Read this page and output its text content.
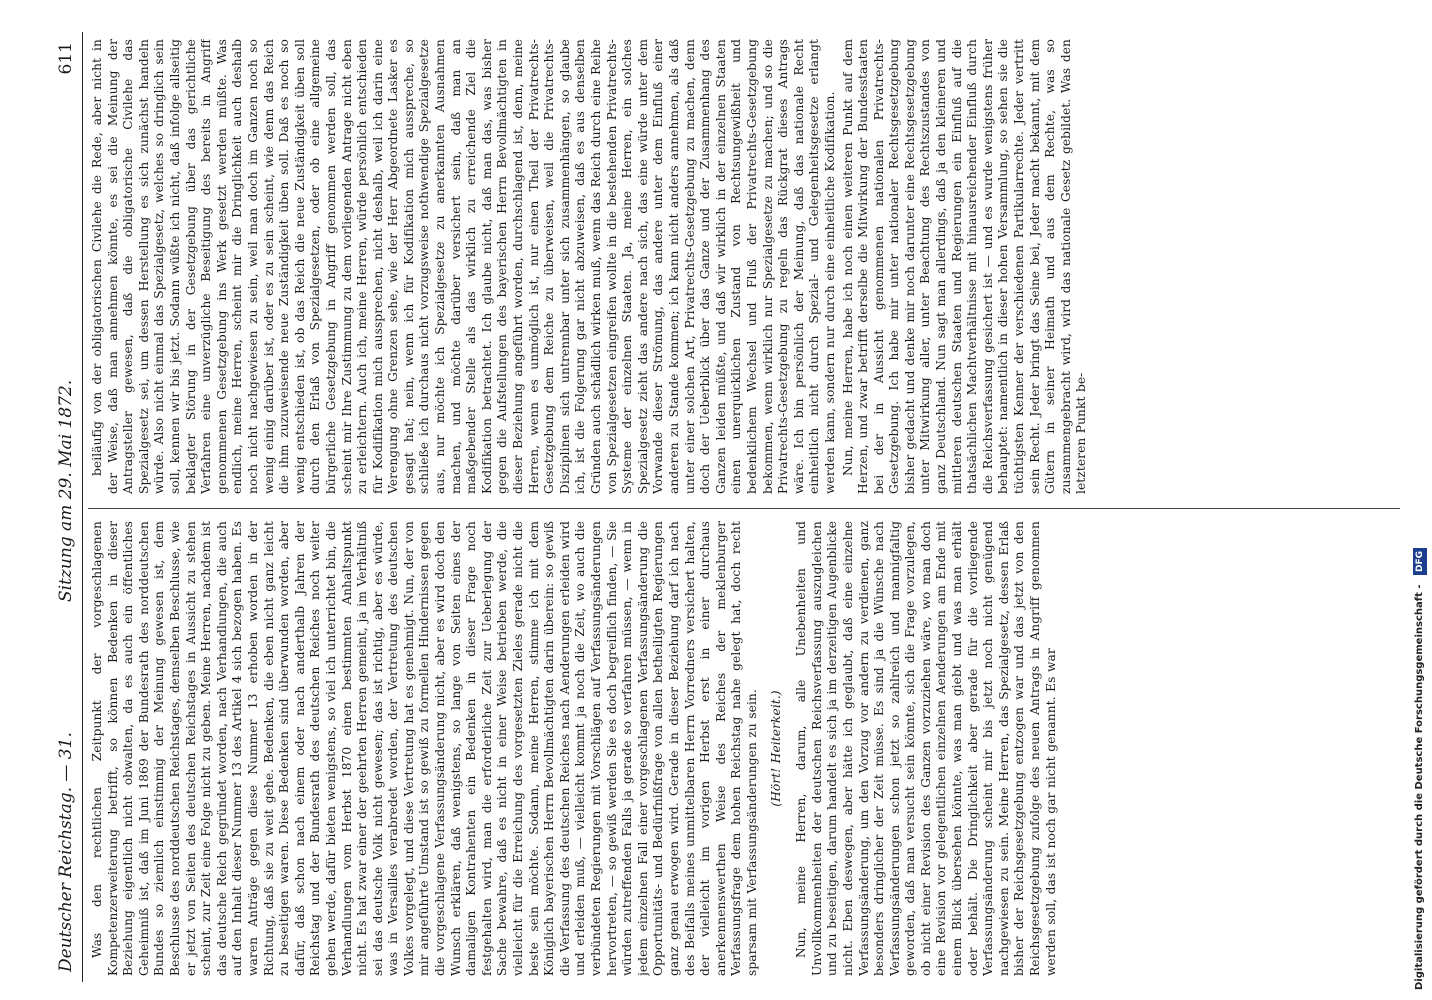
Deutscher Reichstag. — 31.
Sitzung am 29. Mai 1872.
611

Was den rechtlichen Zeitpunkt der vorgeschlagenen Kompetenzerweiterung betrifft, so können Bedenken in dieser Beziehung eigentlich nicht obwalten, da es auch ein öffentliches Geheimniß ist, daß im Juni 1869 der Bundesrath des norddeutschen Bundes so ziemlich einstimmig der Meinung gewesen ist, dem Beschlusse des norddeutschen Reichstages, demselben Beschlusse, wie er jetzt von Seiten des deutschen Reichstages in Aussicht zu stehen scheint, zur Zeit eine Folge nicht zu geben. Meine Herren, nachdem ist das deutsche Reich gegründet worden, nach Verhandlungen, die auch auf den Inhalt dieser Nummer 13 des Artikel 4 sich bezogen haben. Es waren Anträge gegen diese Nummer 13 erhoben worden in der Richtung, daß sie zu weit gehe. Bedenken, die eben nicht ganz leicht zu beseitigen waren. Diese Bedenken sind überwunden worden, aber dafür, daß schon nach einem oder nach anderthalb Jahren der Reichstag und der Bundesrath des deutschen Reiches noch weiter gehen werde, dafür bieten wenigstens, so viel ich unterrichtet bin, die Verhandlungen vom Herbst 1870 einen bestimmten Anhaltspunkt nicht. Es hat zwar einer der geehrten Herren gemeint, ja im Verhältniß sei das deutsche Volk nicht gewesen; das ist richtig, aber es würde, was in Versailles verabredet worden, der Vertretung des deutschen Volkes vorgelegt, und diese Vertretung hat es genehmigt. Nun, der von mir angeführte Umstand ist so gewiß zu formellen Hindernissen gegen die vorgeschlagene Verfassungsänderung nicht, aber es wird doch den Wunsch erklären, daß wenigstens, so lange von Seiten eines der damaligen Kontrahenten ein Bedenken in dieser Frage noch festgehalten wird, man die erforderliche Zeit zur Ueberlegung der Sache bewahre, daß es nicht in einer Weise betrieben werde, die vielleicht für die Erreichung des vorgesetzten Zieles gerade nicht die beste sein möchte. Sodann, meine Herren, stimme ich mit dem Königlich bayerischen Herrn Bevollmächtigten darin überein: so gewiß die Verfassung des deutschen Reiches nach Aenderungen erleiden wird und erleiden muß, — vielleicht kommt ja noch die Zeit, wo auch die verbündeten Regierungen mit Vorschlägen auf Verfassungsänderungen hervortreten, — so gewiß werden Sie es doch begreiflich finden, — Sie würden zutreffenden Falls ja gerade so verfahren müssen, — wenn in jedem einzelnen Fall einer vorgeschlagenen Verfassungsänderung die Opportunitäts- und Bedürfnißfrage von allen betheiligten Regierungen ganz genau erwogen wird. Gerade in dieser Beziehung darf ich nach des Beifalls meines unmittelbaren Herrn Vorredners versichert halten, der vielleicht im vorigen Herbst erst in einer durchaus anerkennenswerthen Weise des Reiches der meklenburger Verfassungsfrage dem hohen Reichstag nahe gelegt hat, doch recht sparsam mit Verfassungsänderungen zu sein. (Hört! Heiterkeit.) Nun, meine Herren, darum, alle Unebenheiten und Unvollkommenheiten der deutschen Reichsverfassung auszugleichen und zu beseitigen, darum handelt es sich ja im derzeitigen Augenblicke nicht. Eben deswegen, aber hätte ich geglaubt, daß eine einzelne Verfassungsänderung, um den Vorzug vor andern zu verdienen, ganz besonders dringlicher der Zeit müsse. Es sind ja die Wünsche nach Verfassungsänderungen schon jetzt so zahlreich und mannigfaltig geworden, daß man versucht sein könnte, sich die Frage vorzulegen, ob nicht einer Revision des Ganzen vorzuziehen wäre, wo man doch eine Revision vor gelegentlichen einzelnen Aenderungen am Ende mit einem Blick übersehen könnte, was man giebt und was man erhält oder behält. Die Dringlichkeit aber gerade für die vorliegende Verfassungsänderung scheint mir bis jetzt noch nicht genügend nachgewiesen zu sein. Meine Herren, das Spezialgesetz, dessen Erlaß bisher der Reichsgesetzgebung entzogen war und das jetzt von den Reichsgesetzgebung zufolge des neuen Antrags in Angriff genommen werden soll, das ist noch gar nicht genannt. Es war

beiläufig von der obligatorischen Civilehe die Rede, aber nicht in der Weise, daß man annehmen könnte, es sei die Meinung der Antragsteller gewesen, daß die obligatorische Civilehe das Spezialgesetz sei, um dessen Herstellung es sich zunächst handeln würde. Also nicht einmal das Spezialgesetz, welches so dringlich sein soll, kennen wir bis jetzt. Sodann wüßte ich nicht, daß infolge allseitig beklagter Störung in der Gesetzgebung über das gerichtliche Verfahren eine unverzügliche Beseitigung des bereits in Angriff genommenen Gesetzgebung ins Werk gesetzt werden müßte. Was endlich, meine Herren, scheint mir die Dringlichkeit auch deshalb noch nicht nachgewiesen zu sein, weil man doch im Ganzen noch so wenig einig darüber ist, oder es zu sein scheint, wie denn das Reich die ihm zuzuweisende neue Zuständigkeit üben soll. Daß es noch so wenig entschieden ist, ob das Reich die neue Zuständigkeit üben soll durch den Erlaß von Spezialgesetzen, oder ob eine allgemeine bürgerliche Gesetzgebung in Angriff genommen werden soll, das scheint mir Ihre Zustimmung zu dem vorliegenden Antrage nicht eben zu erleichtern. Auch ich, meine Herren, würde persönlich entschieden für Kodifikation mich aussprechen, nicht deshalb, weil ich darin eine Verengung ohne Grenzen sehe, wie der Herr Abgeordnete Lasker es gesagt hat; nein, wenn ich für Kodifikation mich ausspreche, so schließe ich durchaus nicht vorzugsweise nothwendige Spezialgesetze aus, nur möchte ich Spezialgesetze zu anerkannten Ausnahmen machen, und möchte darüber versichert sein, daß man an maßgebender Stelle als das wirklich zu erreichende Ziel die Kodifikation betrachtet. Ich glaube nicht, daß man das, was bisher gegen die Aufstellungen des bayerischen Herrn Bevollmächtigten in dieser Beziehung angeführt worden, durchschlagend ist, denn, meine Herren, wenn es unmöglich ist, nur einen Theil der Privatrechts-Gesetzgebung dem Reiche zu überweisen, weil die Privatrechts-Disziplinen sich untrennbar unter sich zusammenhängen, so glaube ich, ist die Folgerung gar nicht abzuweisen, daß es aus denselben Gründen auch schädlich wirken muß, wenn das Reich durch eine Reihe von Spezialgesetzen eingreifen wollte in die bestehenden Privatrechts-Systeme der einzelnen Staaten. Ja, meine Herren, ein solches Spezialgesetz zieht das andere nach sich, das eine würde unter dem Vorwande dieser Strömung, das andere unter dem Einfluß einer anderen zu Stande kommen; ich kann nicht anders annehmen, als daß unter einer solchen Art, Privatrechts-Gesetzgebung zu machen, denn doch der Ueberblick über das Ganze und der Zusammenhang des Ganzen leiden müßte, und daß wir wirklich in der einzelnen Staaten einen unerquicklichen Zustand von Rechtsungewißheit und bedenklichem Wechsel und Fluß der Privatrechts-Gesetzgebung bekommen, wenn wirklich nur Spezialgesetze zu machen; und so die Privatrechts-Gesetzgebung zu regeln das Rückgrat dieses Antrags wäre. Ich bin persönlich der Meinung, daß das nationale Recht einheitlich nicht durch Spezial- und Gelegenheitsgesetze erlangt werden kann, sondern nur durch eine einheitliche Kodifikation. Nun, meine Herren, habe ich noch einen weiteren Punkt auf dem Herzen, und zwar betrifft derselbe die Mitwirkung der Bundesstaaten bei der in Aussicht genommenen nationalen Privatrechts-Gesetzgebung. Ich habe mir unter nationaler Rechtsgesetzgebung bisher gedacht und denke mir noch darunter eine Rechtsgesetzgebung unter Mitwirkung aller, unter Beachtung des Rechtszustandes von ganz Deutschland. Nun sagt man allerdings, daß ja den kleineren und mittleren deutschen Staaten und Regierungen ein Einfluß auf die thatsächlichen Machtverhältnisse mit hinausreichender Einfluß durch die Reichsverfassung gesichert ist — und es wurde wenigstens früher behauptet: namentlich in dieser hohen Versammlung, so sehen sie die tüchtigsten Kenner der verschiedenen Partikularrechte. Jeder vertritt sein Recht. Jeder bringt das Seine bei, Jeder macht bekannt, mit dem Gütern in seiner Heimath und aus dem Rechte, was so zusammengebracht wird, wird das nationale Gesetz gebildet. Was den letzteren Punkt be-

Digitalisierung gefördert durch die Deutsche Forschungsgemeinschaft - DFG
